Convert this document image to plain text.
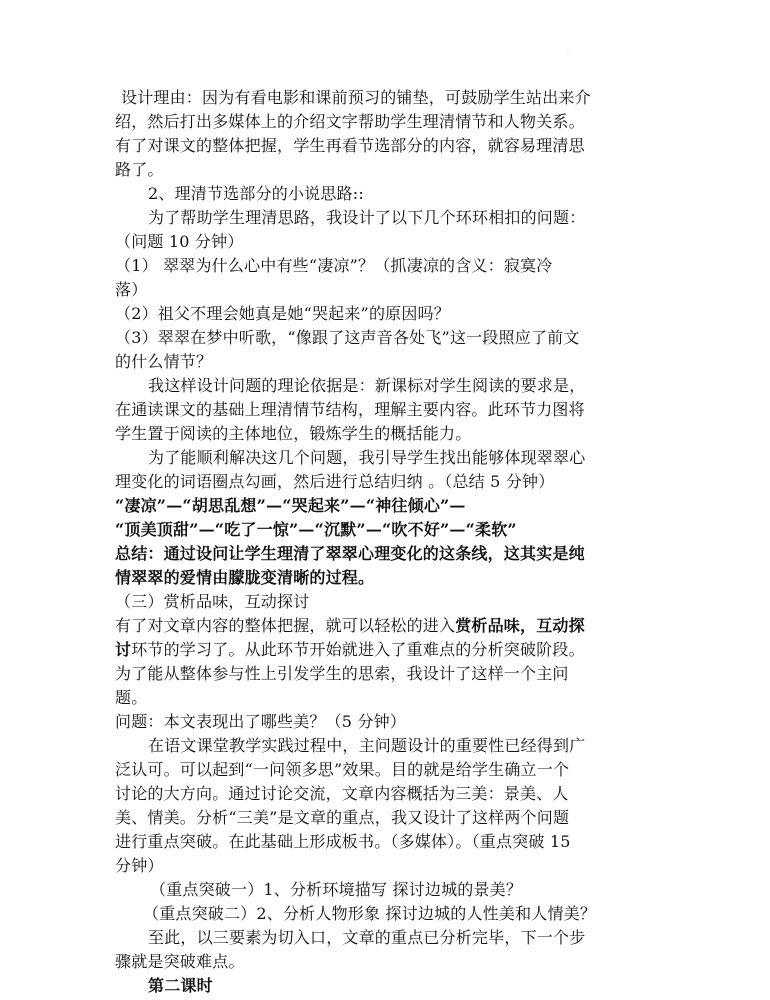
·
设计理由：因为有看电影和课前预习的铺垫，可鼓励学生站出来介
绍，然后打出多媒体上的介绍文字帮助学生理清情节和人物关系。
有了对课文的整体把握，学生再看节选部分的内容，就容易理清思
路了。
2、理清节选部分的小说思路::
为了帮助学生理清思路，我设计了以下几个环环相扣的问题：
（问题 10 分钟）
（1） 翠翠为什么心中有些“凄凉”？（抓凄凉的含义：寂寞冷
落）
（2）祖父不理会她真是她“哭起来”的原因吗？
（3）翠翠在梦中听歌，“像跟了这声音各处飞”这一段照应了前文
的什么情节？
我这样设计问题的理论依据是：新课标对学生阅读的要求是，
在通读课文的基础上理清情节结构，理解主要内容。此环节力图将
学生置于阅读的主体地位，锻炼学生的概括能力。
为了能顺利解决这几个问题，我引导学生找出能够体现翠翠心
理变化的词语圈点勾画，然后进行总结归纳 。（总结 5 分钟）
“凄凉”—“胡思乱想”—“哭起来”—“神往倾心”—
“顶美顶甜”—“吃了一惊”—“沉默”—“吹不好”—“柔软”
总结：通过设问让学生理清了翠翠心理变化的这条线，这其实是纯
情翠翠的爱情由朦胧变清晰的过程。
（三）赏析品味，互动探讨
有了对文章内容的整体把握，就可以轻松的进入赏析品味，互动探
讨环节的学习了。从此环节开始就进入了重难点的分析突破阶段。
为了能从整体参与性上引发学生的思索，我设计了这样一个主问
题。
问题：本文表现出了哪些美？（5 分钟）
在语文课堂教学实践过程中，主问题设计的重要性已经得到广
泛认可。可以起到“一问领多思”效果。目的就是给学生确立一个
讨论的大方向。通过讨论交流，文章内容概括为三美：景美、人
美、情美。分析“三美”是文章的重点，我又设计了这样两个问题
进行重点突破。在此基础上形成板书。（多媒体）。（重点突破 15
分钟）
（重点突破一）1、分析环境描写 探讨边城的景美？
（重点突破二）2、分析人物形象 探讨边城的人性美和人情美？
至此，以三要素为切入口，文章的重点已分析完毕，下一个步
骤就是突破难点。
第二课时
